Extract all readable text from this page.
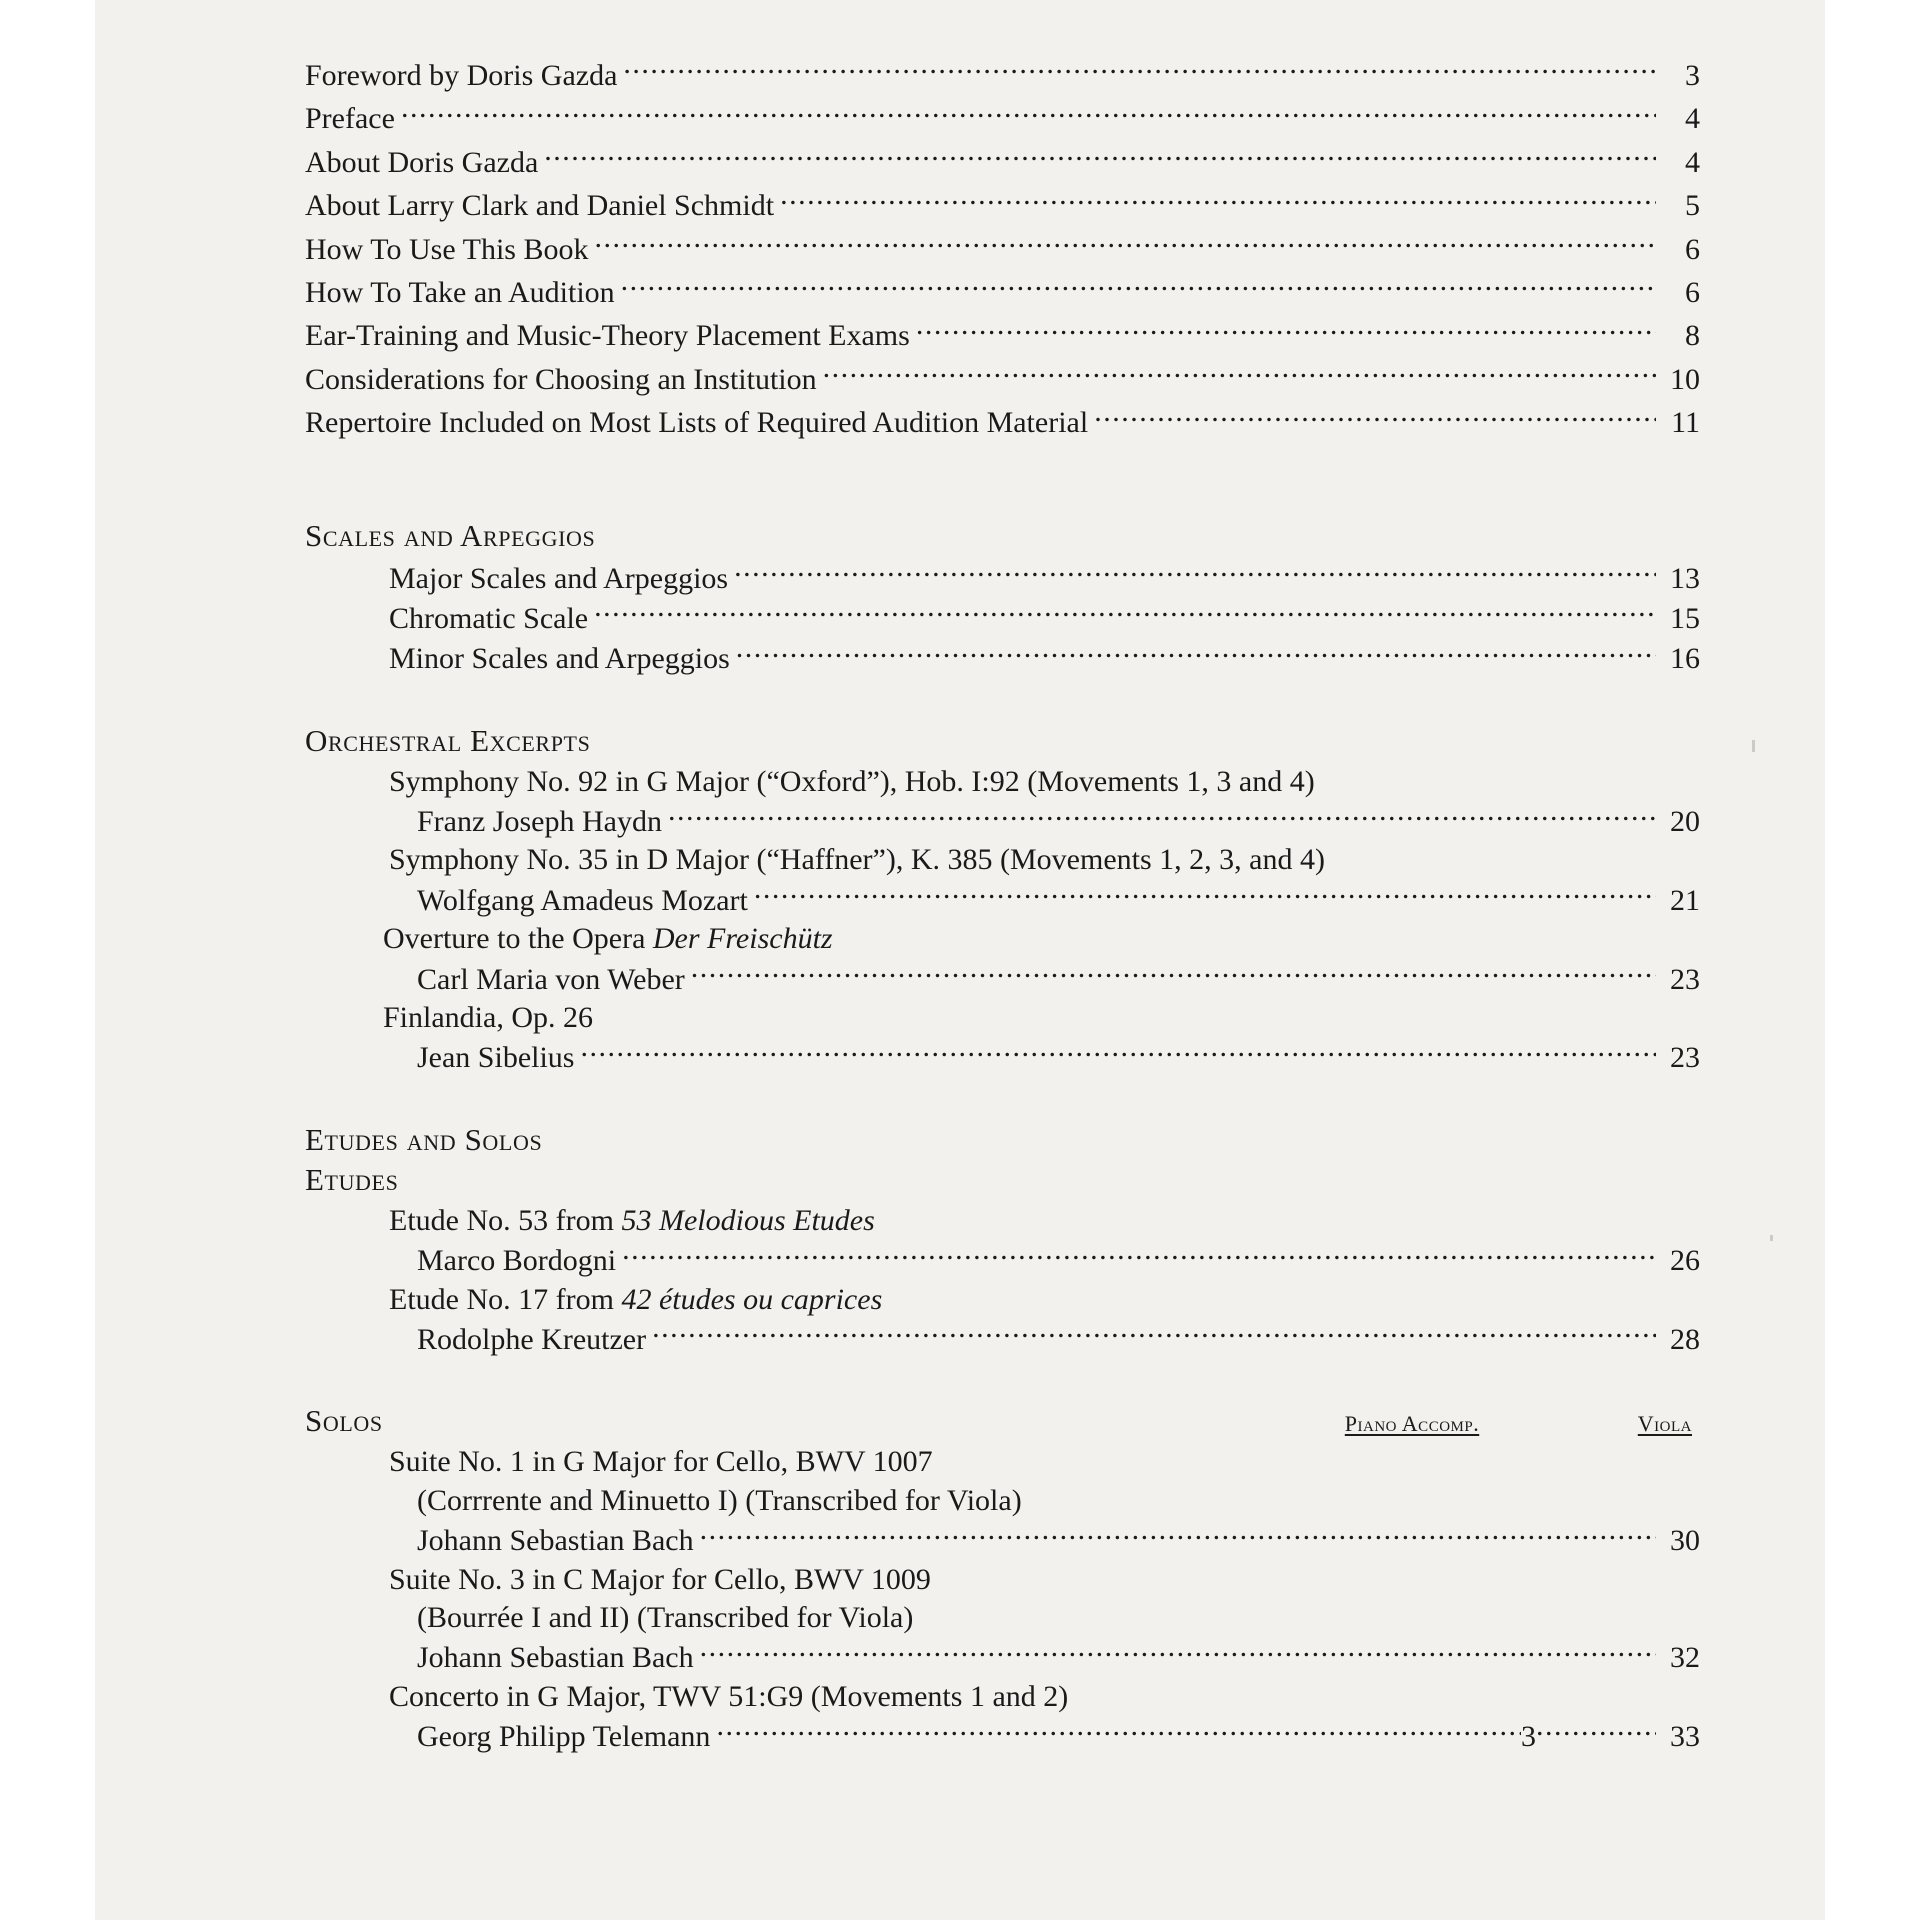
Foreword by Doris Gazda .....	3
Preface .....	4
About Doris Gazda .....	4
About Larry Clark and Daniel Schmidt .....	5
How To Use This Book .....	6
How To Take an Audition .....	6
Ear-Training and Music-Theory Placement Exams .....	8
Considerations for Choosing an Institution .....	10
Repertoire Included on Most Lists of Required Audition Material .....	11
Scales and Arpeggios
Major Scales and Arpeggios .....	13
Chromatic Scale .....	15
Minor Scales and Arpeggios .....	16
Orchestral Excerpts
Symphony No. 92 in G Major (“Oxford”), Hob. I:92 (Movements 1, 3 and 4)
Franz Joseph Haydn .....	20
Symphony No. 35 in D Major (“Haffner”), K. 385 (Movements 1, 2, 3, and 4)
Wolfgang Amadeus Mozart .....	21
Overture to the Opera Der Freischütz
Carl Maria von Weber .....	23
Finlandia, Op. 26
Jean Sibelius .....	23
Etudes and Solos
Etudes
Etude No. 53 from 53 Melodious Etudes
Marco Bordogni .....	26
Etude No. 17 from 42 études ou caprices
Rodolphe Kreutzer .....	28
Solos	Piano Accomp.	Viola
Suite No. 1 in G Major for Cello, BWV 1007
(Corrrente and Minuetto I) (Transcribed for Viola)
Johann Sebastian Bach .....	30
Suite No. 3 in C Major for Cello, BWV 1009
(Bourrée I and II) (Transcribed for Viola)
Johann Sebastian Bach .....	32
Concerto in G Major, TWV 51:G9 (Movements 1 and 2)
Georg Philipp Telemann .....	3 .....	33
